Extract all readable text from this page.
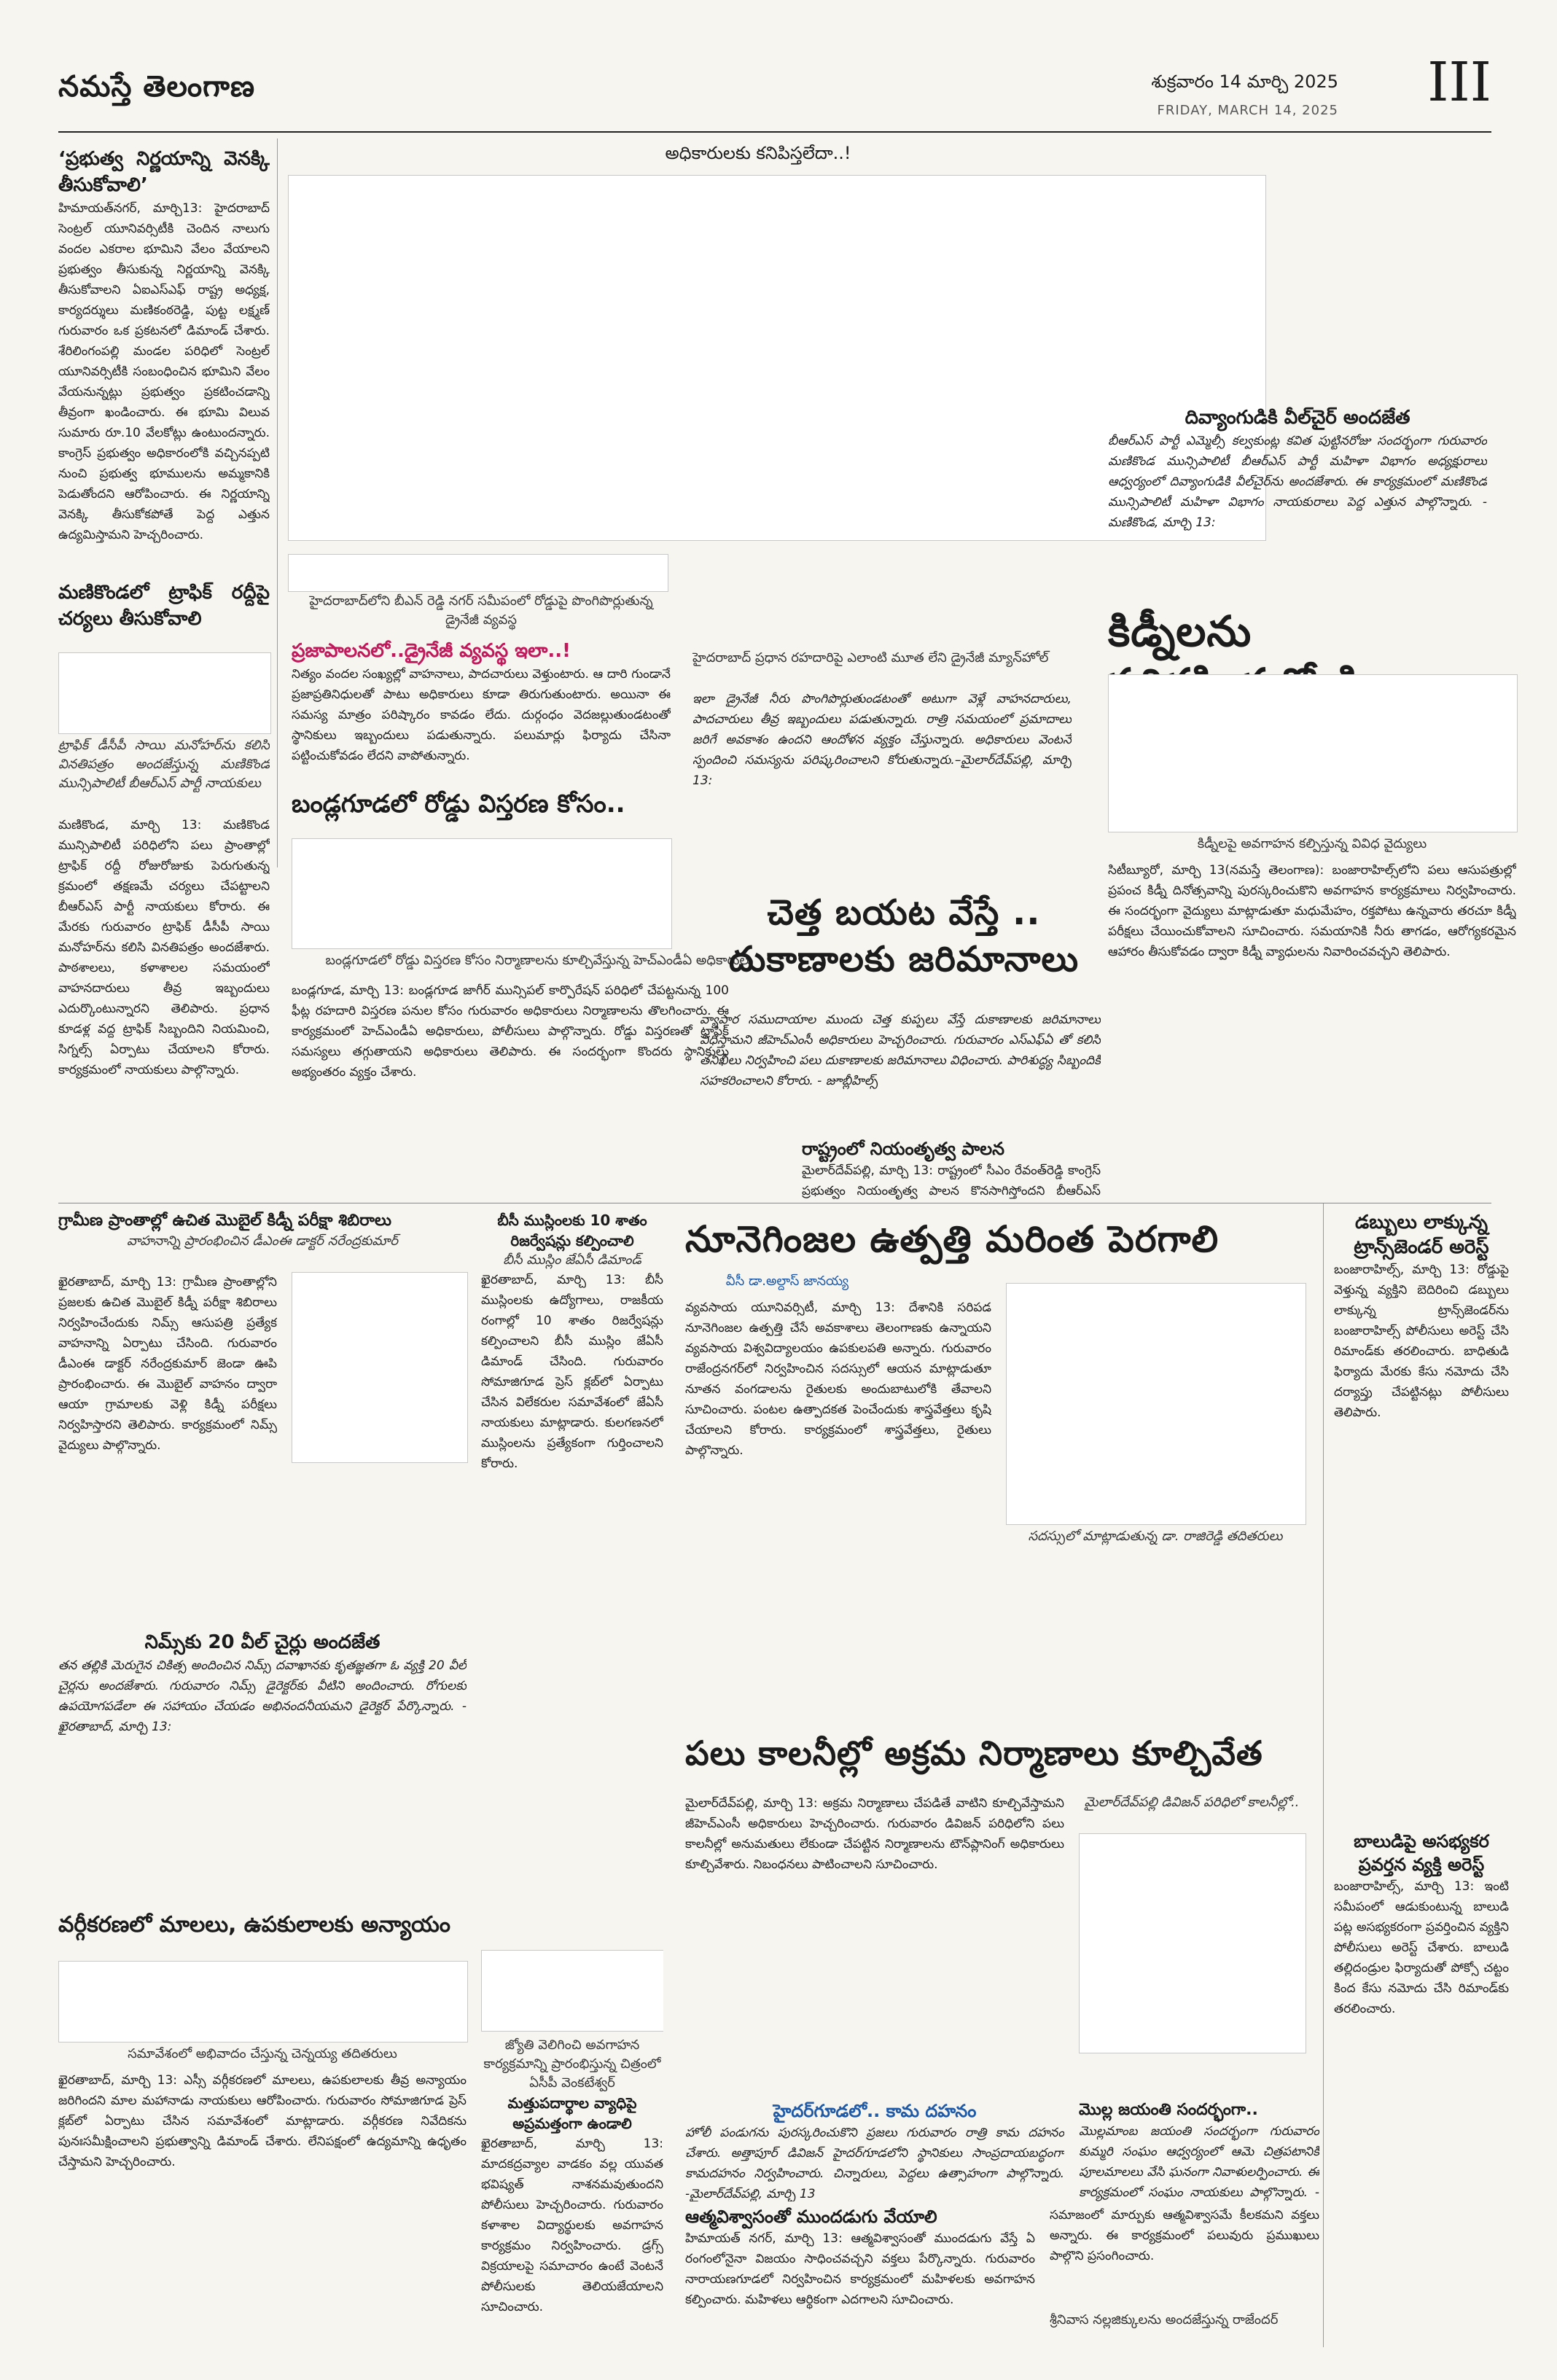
నమస్తే తెలంగాణ	శుక్రవారం 14 మార్చి 2025
FRIDAY, MARCH 14, 2025 III
అధికారులకు కనిపిస్తలేదా..!
‘ప్రభుత్వ నిర్ణయాన్ని వెనక్కి తీసుకోవాలి’

హిమాయత్‌నగర్, మార్చి13: హైదరాబాద్ సెంట్రల్ యూనివర్సిటీకి చెందిన నాలుగు వందల ఎకరాల భూమిని వేలం వేయాలని ప్రభుత్వం తీసుకున్న నిర్ణయాన్ని వెనక్కి తీసుకోవాలని ఏఐఎస్‌ఎఫ్ రాష్ట్ర అధ్యక్ష, కార్యదర్శులు మణికంఠరెడ్డి, పుట్ట లక్ష్మణ్ గురువారం ఒక ప్రకటనలో డిమాండ్ చేశారు. శేరిలింగంపల్లి మండల పరిధిలో సెంట్రల్ యూనివర్సిటీకి సంబంధించిన భూమిని వేలం వేయనున్నట్లు ప్రభుత్వం ప్రకటించడాన్ని తీవ్రంగా ఖండించారు. ఈ భూమి విలువ సుమారు రూ.10 వేలకోట్లు ఉంటుందన్నారు. కాంగ్రెస్ ప్రభుత్వం అధికారంలోకి వచ్చినప్పటి నుంచి ప్రభుత్వ భూములను అమ్మకానికి పెడుతోందని ఆరోపించారు. ఈ నిర్ణయాన్ని వెనక్కి తీసుకోకపోతే పెద్ద ఎత్తున ఉద్యమిస్తామని హెచ్చరించారు.

మణికొండలో ట్రాఫిక్ రద్దీపై చర్యలు తీసుకోవాలి
ట్రాఫిక్ డీసీపీ సాయి మనోహర్‌ను కలిసి వినతిపత్రం అందజేస్తున్న మణికొండ మున్సిపాలిటీ బీఆర్‌ఎస్ పార్టీ నాయకులు
మణికొండ, మార్చి 13: మణికొండ మున్సిపాలిటీ పరిధిలోని పలు ప్రాంతాల్లో ట్రాఫిక్ రద్దీ రోజురోజుకు పెరుగుతున్న క్రమంలో తక్షణమే చర్యలు చేపట్టాలని బీఆర్‌ఎస్ పార్టీ నాయకులు కోరారు. ఈ మేరకు గురువారం ట్రాఫిక్ డీసీపీ సాయి మనోహర్‌ను కలిసి వినతిపత్రం అందజేశారు. పాఠశాలలు, కళాశాలల సమయంలో వాహనదారులు తీవ్ర ఇబ్బందులు ఎదుర్కొంటున్నారని తెలిపారు. ప్రధాన కూడళ్ల వద్ద ట్రాఫిక్ సిబ్బందిని నియమించి, సిగ్నల్స్ ఏర్పాటు చేయాలని కోరారు. కార్యక్రమంలో నాయకులు పాల్గొన్నారు.
హైదరాబాద్‌లోని బీఎన్ రెడ్డి నగర్ సమీపంలో రోడ్డుపై పొంగిపొర్లుతున్న డ్రైనేజీ వ్యవస్థ
ప్రజాపాలనలో..డ్రైనేజీ వ్యవస్థ ఇలా..!

నిత్యం వందల సంఖ్యల్లో వాహనాలు, పాదచారులు వెళ్తుంటారు. ఆ దారి గుండానే ప్రజాప్రతినిధులతో పాటు అధికారులు కూడా తిరుగుతుంటారు. అయినా ఈ సమస్య మాత్రం పరిష్కారం కావడం లేదు. దుర్గంధం వెదజల్లుతుండటంతో స్థానికులు ఇబ్బందులు పడుతున్నారు. పలుమార్లు ఫిర్యాదు చేసినా పట్టించుకోవడం లేదని వాపోతున్నారు.

హైదరాబాద్ ప్రధాన రహదారిపై ఎలాంటి మూత లేని డ్రైనేజీ మ్యాన్‌హోల్
ఇలా డ్రైనేజీ నీరు పొంగిపొర్లుతుండటంతో అటుగా వెళ్లే వాహనదారులు, పాదచారులు తీవ్ర ఇబ్బందులు పడుతున్నారు. రాత్రి సమయంలో ప్రమాదాలు జరిగే అవకాశం ఉందని ఆందోళన వ్యక్తం చేస్తున్నారు. అధికారులు వెంటనే స్పందించి సమస్యను పరిష్కరించాలని కోరుతున్నారు.–మైలార్‌దేవ్‌పల్లి, మార్చి 13:
దివ్యాంగుడికి వీల్‌చైర్ అందజేత

బీఆర్‌ఎస్ పార్టీ ఎమ్మెల్సీ కల్వకుంట్ల కవిత పుట్టినరోజు సందర్భంగా గురువారం మణికొండ మున్సిపాలిటీ బీఆర్‌ఎస్ పార్టీ మహిళా విభాగం అధ్యక్షురాలు ఆధ్వర్యంలో దివ్యాంగుడికి వీల్‌చైర్‌ను అందజేశారు. ఈ కార్యక్రమంలో మణికొండ మున్సిపాలిటీ మహిళా విభాగం నాయకురాలు పెద్ద ఎత్తున పాల్గొన్నారు. - మణికొండ, మార్చి 13:

కిడ్నీలను
కిడ్నీలపై అవగాహన కల్పిస్తున్న వివిధ వైద్యులు
సిటీబ్యూరో, మార్చి 13(నమస్తే తెలంగాణ): బంజారాహిల్స్‌లోని పలు ఆసుపత్రుల్లో ప్రపంచ కిడ్నీ దినోత్సవాన్ని పురస్కరించుకొని అవగాహన కార్యక్రమాలు నిర్వహించారు. ఈ సందర్భంగా వైద్యులు మాట్లాడుతూ మధుమేహం, రక్తపోటు ఉన్నవారు తరచూ కిడ్నీ పరీక్షలు చేయించుకోవాలని సూచించారు. సమయానికి నీరు తాగడం, ఆరోగ్యకరమైన ఆహారం తీసుకోవడం ద్వారా కిడ్నీ వ్యాధులను నివారించవచ్చని తెలిపారు.
బండ్లగూడలో రోడ్డు విస్తరణ కోసం..
బండ్లగూడలో రోడ్డు విస్తరణ కోసం నిర్మాణాలను కూల్చివేస్తున్న హెచ్‌ఎండీఏ అధికారులు
బండ్లగూడ, మార్చి 13: బండ్లగూడ జాగీర్ మున్సిపల్ కార్పొరేషన్ పరిధిలో చేపట్టనున్న 100 ఫీట్ల రహదారి విస్తరణ పనుల కోసం గురువారం అధికారులు నిర్మాణాలను తొలగించారు. ఈ కార్యక్రమంలో హెచ్‌ఎండీఏ అధికారులు, పోలీసులు పాల్గొన్నారు. రోడ్డు విస్తరణతో ట్రాఫిక్ సమస్యలు తగ్గుతాయని అధికారులు తెలిపారు. ఈ సందర్భంగా కొందరు స్థానికులు అభ్యంతరం వ్యక్తం చేశారు.
చెత్త బయట వేస్తే .. దుకాణాలకు జరిమానాలు
వ్యాపార సముదాయాల ముందు చెత్త కుప్పలు వేస్తే దుకాణాలకు జరిమానాలు విధిస్తామని జీహెచ్‌ఎంసీ అధికారులు హెచ్చరించారు. గురువారం ఎస్‌ఎఫ్‌ఏ తో కలిసి తనిఖీలు నిర్వహించి పలు దుకాణాలకు జరిమానాలు విధించారు. పారిశుద్ధ్య సిబ్బందికి సహకరించాలని కోరారు. - జూబ్లీహిల్స్
రాష్ట్రంలో నియంతృత్వ పాలన

మైలార్‌దేవ్‌పల్లి, మార్చి 13: రాష్ట్రంలో సీఎం రేవంత్‌రెడ్డి కాంగ్రెస్ ప్రభుత్వం నియంతృత్వ పాలన కొనసాగిస్తోందని బీఆర్‌ఎస్

గ్రామీణ ప్రాంతాల్లో ఉచిత మొబైల్ కిడ్నీ పరీక్షా శిబిరాలు
వాహనాన్ని ప్రారంభించిన డీఎంఈ డాక్టర్ నరేంద్రకుమార్
ఖైరతాబాద్, మార్చి 13: గ్రామీణ ప్రాంతాల్లోని ప్రజలకు ఉచిత మొబైల్ కిడ్నీ పరీక్షా శిబిరాలు నిర్వహించేందుకు నిమ్స్ ఆసుపత్రి ప్రత్యేక వాహనాన్ని ఏర్పాటు చేసింది. గురువారం డీఎంఈ డాక్టర్ నరేంద్రకుమార్ జెండా ఊపి ప్రారంభించారు. ఈ మొబైల్ వాహనం ద్వారా ఆయా గ్రామాలకు వెళ్లి కిడ్నీ పరీక్షలు నిర్వహిస్తారని తెలిపారు. కార్యక్రమంలో నిమ్స్ వైద్యులు పాల్గొన్నారు.
బీసీ ముస్లింలకు 10 శాతం రిజర్వేషన్లు కల్పించాలి
బీసీ ముస్లిం జేఏసీ డిమాండ్

ఖైరతాబాద్, మార్చి 13: బీసీ ముస్లింలకు ఉద్యోగాలు, రాజకీయ రంగాల్లో 10 శాతం రిజర్వేషన్లు కల్పించాలని బీసీ ముస్లిం జేఏసీ డిమాండ్ చేసింది. గురువారం సోమాజిగూడ ప్రెస్ క్లబ్‌లో ఏర్పాటు చేసిన విలేకరుల సమావేశంలో జేఏసీ నాయకులు మాట్లాడారు. కులగణనలో ముస్లింలను ప్రత్యేకంగా గుర్తించాలని కోరారు.

నూనెగింజల ఉత్పత్తి మరింత పెరగాలి
వీసీ డా.అల్దాస్ జానయ్య
వ్యవసాయ యూనివర్సిటీ, మార్చి 13: దేశానికి సరిపడ నూనెగింజల ఉత్పత్తి చేసే అవకాశాలు తెలంగాణకు ఉన్నాయని వ్యవసాయ విశ్వవిద్యాలయం ఉపకులపతి అన్నారు. గురువారం రాజేంద్రనగర్‌లో నిర్వహించిన సదస్సులో ఆయన మాట్లాడుతూ నూతన వంగడాలను రైతులకు అందుబాటులోకి తేవాలని సూచించారు. పంటల ఉత్పాదకత పెంచేందుకు శాస్త్రవేత్తలు కృషి చేయాలని కోరారు. కార్యక్రమంలో శాస్త్రవేత్తలు, రైతులు పాల్గొన్నారు.
సదస్సులో మాట్లాడుతున్న డా. రాజిరెడ్డి తదితరులు
పలు కాలనీల్లో అక్రమ నిర్మాణాలు కూల్చివేత
మైలార్‌దేవ్‌పల్లి, మార్చి 13: అక్రమ నిర్మాణాలు చేపడితే వాటిని కూల్చివేస్తామని జీహెచ్‌ఎంసీ అధికారులు హెచ్చరించారు. గురువారం డివిజన్ పరిధిలోని పలు కాలనీల్లో అనుమతులు లేకుండా చేపట్టిన నిర్మాణాలను టౌన్‌ప్లానింగ్ అధికారులు కూల్చివేశారు. నిబంధనలు పాటించాలని సూచించారు.
మైలార్‌దేవ్‌పల్లి డివిజన్‌ పరిధిలో కాలనీల్లో..
డబ్బులు లాక్కున్న ట్రాన్స్‌జెండర్ అరెస్ట్

బంజారాహిల్స్, మార్చి 13: రోడ్డుపై వెళ్తున్న వ్యక్తిని బెదిరించి డబ్బులు లాక్కున్న ట్రాన్స్‌జెండర్‌ను బంజారాహిల్స్ పోలీసులు అరెస్ట్ చేసి రిమాండ్‌కు తరలించారు. బాధితుడి ఫిర్యాదు మేరకు కేసు నమోదు చేసి దర్యాప్తు చేపట్టినట్లు పోలీసులు తెలిపారు.

బాలుడిపై అసభ్యకర ప్రవర్తన వ్యక్తి అరెస్ట్

బంజారాహిల్స్, మార్చి 13: ఇంటి సమీపంలో ఆడుకుంటున్న బాలుడి పట్ల అసభ్యకరంగా ప్రవర్తించిన వ్యక్తిని పోలీసులు అరెస్ట్ చేశారు. బాలుడి తల్లిదండ్రుల ఫిర్యాదుతో పోక్సో చట్టం కింద కేసు నమోదు చేసి రిమాండ్‌కు తరలించారు.

నిమ్స్‌కు 20 వీల్ చైర్లు అందజేత

తన తల్లికి మెరుగైన చికిత్స అందించిన నిమ్స్ దవాఖానకు కృతజ్ఞతగా ఓ వ్యక్తి 20 వీల్ చైర్లను అందజేశారు. గురువారం నిమ్స్ డైరెక్టర్‌కు వీటిని అందించారు. రోగులకు ఉపయోగపడేలా ఈ సహాయం చేయడం అభినందనీయమని డైరెక్టర్ పేర్కొన్నారు. - ఖైరతాబాద్, మార్చి 13:

వర్గీకరణలో మాలలు, ఉపకులాలకు అన్యాయం
సమావేశంలో అభివాదం చేస్తున్న చెన్నయ్య తదితరులు
ఖైరతాబాద్, మార్చి 13: ఎస్సీ వర్గీకరణలో మాలలు, ఉపకులాలకు తీవ్ర అన్యాయం జరిగిందని మాల మహానాడు నాయకులు ఆరోపించారు. గురువారం సోమాజిగూడ ప్రెస్ క్లబ్‌లో ఏర్పాటు చేసిన సమావేశంలో మాట్లాడారు. వర్గీకరణ నివేదికను పునఃసమీక్షించాలని ప్రభుత్వాన్ని డిమాండ్ చేశారు. లేనిపక్షంలో ఉద్యమాన్ని ఉధృతం చేస్తామని హెచ్చరించారు.
జ్యోతి వెలిగించి అవగాహన కార్యక్రమాన్ని ప్రారంభిస్తున్న చిత్రంలో ఏసీపీ వెంకటేశ్వర్
మత్తుపదార్థాల వ్యాధిపై అప్రమత్తంగా ఉండాలి

ఖైరతాబాద్, మార్చి 13: మాదకద్రవ్యాల వాడకం వల్ల యువత భవిష్యత్ నాశనమవుతుందని పోలీసులు హెచ్చరించారు. గురువారం కళాశాల విద్యార్థులకు అవగాహన కార్యక్రమం నిర్వహించారు. డ్రగ్స్ విక్రయాలపై సమాచారం ఉంటే వెంటనే పోలీసులకు తెలియజేయాలని సూచించారు.

హైదర్‌గూడలో.. కామ దహనం

హోలీ పండుగను పురస్కరించుకొని ప్రజలు గురువారం రాత్రి కామ దహనం చేశారు. అత్తాపూర్ డివిజన్ హైదర్‌గూడలోని స్థానికులు సాంప్రదాయబద్ధంగా కామదహనం నిర్వహించారు. చిన్నారులు, పెద్దలు ఉత్సాహంగా పాల్గొన్నారు. -మైలార్‌దేవ్‌పల్లి, మార్చి 13

మొల్ల జయంతి సందర్భంగా..

మొల్లమాంబ జయంతి సందర్భంగా గురువారం కుమ్మరి సంఘం ఆధ్వర్యంలో ఆమె చిత్రపటానికి పూలమాలలు వేసి ఘనంగా నివాళులర్పించారు. ఈ కార్యక్రమంలో సంఘం నాయకులు పాల్గొన్నారు. -

ఆత్మవిశ్వాసంతో ముందడుగు వేయాలి

హిమాయత్ నగర్, మార్చి 13: ఆత్మవిశ్వాసంతో ముందడుగు వేస్తే ఏ రంగంలోనైనా విజయం సాధించవచ్చని వక్తలు పేర్కొన్నారు. గురువారం నారాయణగూడలో నిర్వహించిన కార్యక్రమంలో మహిళలకు అవగాహన కల్పించారు. మహిళలు ఆర్థికంగా ఎదగాలని సూచించారు.

సమాజంలో మార్పుకు ఆత్మవిశ్వాసమే కీలకమని వక్తలు అన్నారు. ఈ కార్యక్రమంలో పలువురు ప్రముఖులు పాల్గొని ప్రసంగించారు.
శ్రీనివాస నల్లజిక్కులను అందజేస్తున్న రాజేందర్
